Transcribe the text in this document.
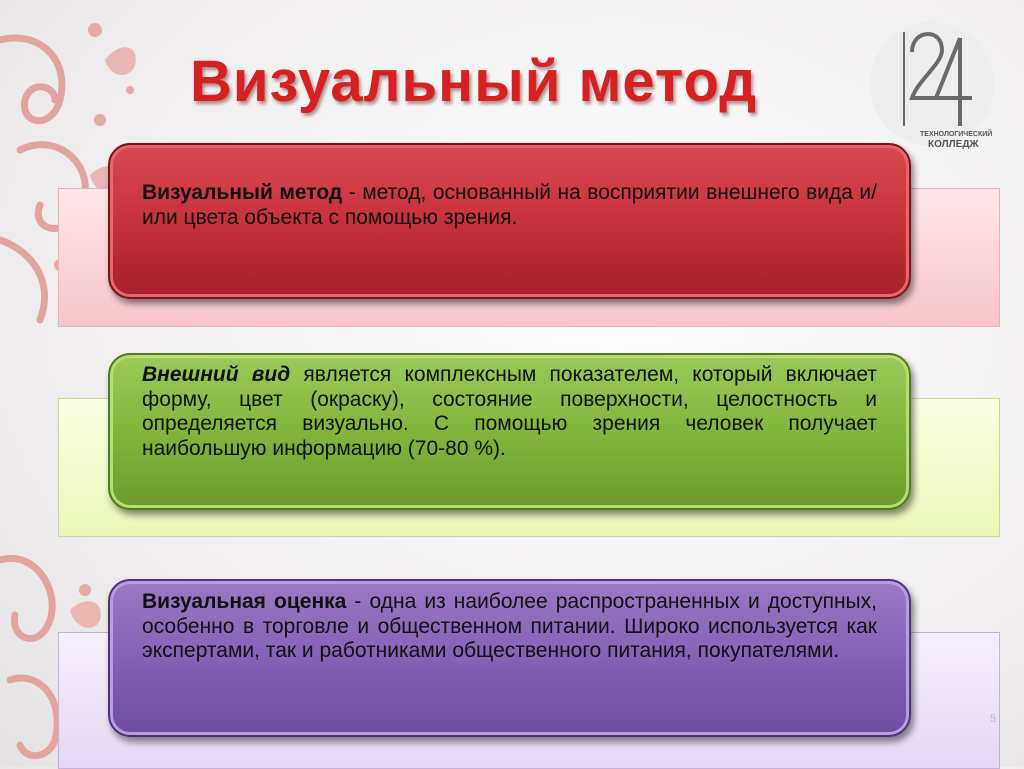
ТЕХНОЛОГИЧЕСКИЙ
КОЛЛЕДЖ
Визуальный метод
Визуальный метод - метод, основанный на восприятии внешнего вида и/или цвета объекта с помощью зрения.
Внешний вид является комплексным показателем, который включает форму, цвет (окраску), состояние поверхности, целостность и определяется визуально. С помощью зрения человек получает наибольшую информацию (70-80 %).
Визуальная оценка - одна из наиболее распространенных и доступных, особенно в торговле и общественном питании. Широко используется как экспертами, так и работниками общественного питания, покупателями.
5
